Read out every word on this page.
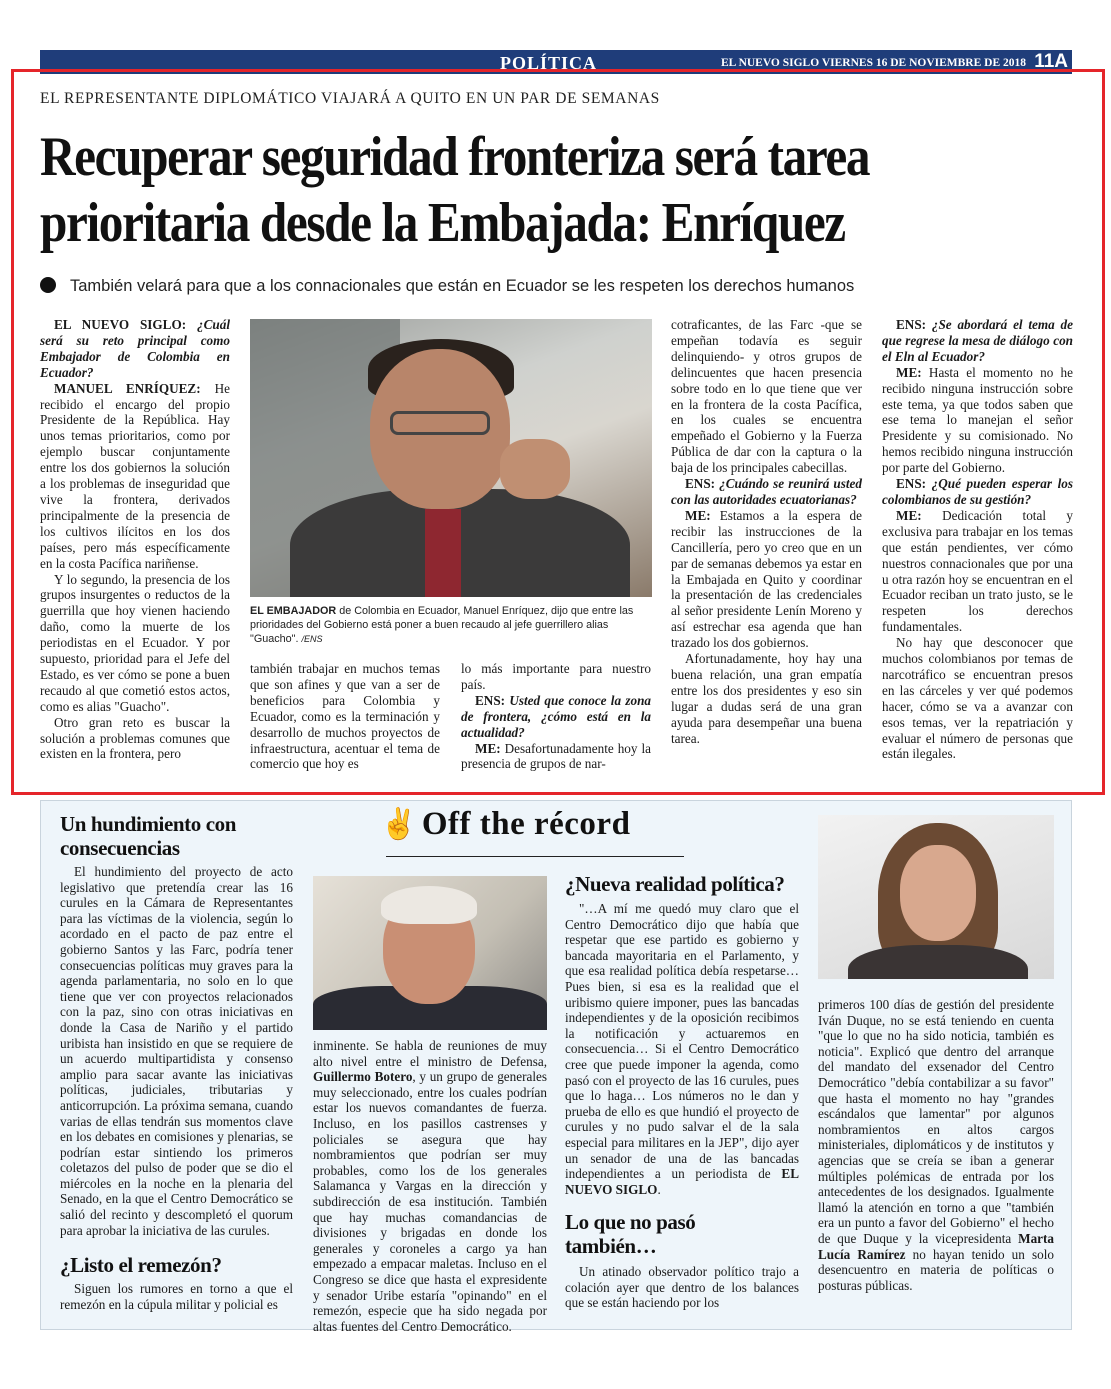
POLÍTICA	EL NUEVO SIGLO VIERNES 16 DE NOVIEMBRE DE 2018 11A
EL REPRESENTANTE DIPLOMÁTICO VIAJARÁ A QUITO EN UN PAR DE SEMANAS
Recuperar seguridad fronteriza será tarea
prioritaria desde la Embajada: Enríquez
También velará para que a los connacionales que están en Ecuador se les respeten los derechos humanos

EL NUEVO SIGLO: ¿Cuál será su reto principal como Embajador de Colombia en Ecuador?

MANUEL ENRÍQUEZ: He recibido el encargo del propio Presidente de la República. Hay unos temas prioritarios, como por ejemplo buscar conjuntamente entre los dos gobiernos la solución a los problemas de inseguridad que vive la frontera, derivados principalmente de la presencia de los cultivos ilícitos en los dos países, pero más específicamente en la costa Pacífica nariñense.

Y lo segundo, la presencia de los grupos insurgentes o reductos de la guerrilla que hoy vienen haciendo daño, como la muerte de los periodistas en el Ecuador. Y por supuesto, prioridad para el Jefe del Estado, es ver cómo se pone a buen recaudo al que cometió estos actos, como es alias "Guacho".

Otro gran reto es buscar la solución a problemas comunes que existen en la frontera, pero

EL EMBAJADOR de Colombia en Ecuador, Manuel Enríquez, dijo que entre las prioridades del Gobierno está poner a buen recaudo al jefe guerrillero alias "Guacho". /ENS

también trabajar en muchos temas que son afines y que van a ser de beneficios para Colombia y Ecuador, como es la terminación y desarrollo de muchos proyectos de infraestructura, acentuar el tema de comercio que hoy es

lo más importante para nuestro país.

ENS: Usted que conoce la zona de frontera, ¿cómo está en la actualidad?

ME: Desafortunadamente hoy la presencia de grupos de nar-

cotraficantes, de las Farc -que se empeñan todavía es seguir delinquiendo- y otros grupos de delincuentes que hacen presencia sobre todo en lo que tiene que ver en la frontera de la costa Pacífica, en los cuales se encuentra empeñado el Gobierno y la Fuerza Pública de dar con la captura o la baja de los principales cabecillas.

ENS: ¿Cuándo se reunirá usted con las autoridades ecuatorianas?

ME: Estamos a la espera de recibir las instrucciones de la Cancillería, pero yo creo que en un par de semanas debemos ya estar en la Embajada en Quito y coordinar la presentación de las credenciales al señor presidente Lenín Moreno y así estrechar esa agenda que han trazado los dos gobiernos.

Afortunadamente, hoy hay una buena relación, una gran empatía entre los dos presidentes y eso sin lugar a dudas será de una gran ayuda para desempeñar una buena tarea.

ENS: ¿Se abordará el tema de que regrese la mesa de diálogo con el Eln al Ecuador?

ME: Hasta el momento no he recibido ninguna instrucción sobre este tema, ya que todos saben que ese tema lo manejan el señor Presidente y su comisionado. No hemos recibido ninguna instrucción por parte del Gobierno.

ENS: ¿Qué pueden esperar los colombianos de su gestión?

ME: Dedicación total y exclusiva para trabajar en los temas que están pendientes, ver cómo nuestros connacionales que por una u otra razón hoy se encuentran en el Ecuador reciban un trato justo, se le respeten los derechos fundamentales.

No hay que desconocer que muchos colombianos por temas de narcotráfico se encuentran presos en las cárceles y ver qué podemos hacer, cómo se va a avanzar con esos temas, ver la repatriación y evaluar el número de personas que están ilegales.

✌ Off the récord
Un hundimiento con consecuencias

El hundimiento del proyecto de acto legislativo que pretendía crear las 16 curules en la Cámara de Representantes para las víctimas de la violencia, según lo acordado en el pacto de paz entre el gobierno Santos y las Farc, podría tener consecuencias políticas muy graves para la agenda parlamentaria, no solo en lo que tiene que ver con proyectos relacionados con la paz, sino con otras iniciativas en donde la Casa de Nariño y el partido uribista han insistido en que se requiere de un acuerdo multipartidista y consenso amplio para sacar avante las iniciativas políticas, judiciales, tributarias y anticorrupción. La próxima semana, cuando varias de ellas tendrán sus momentos clave en los debates en comisiones y plenarias, se podrían estar sintiendo los primeros coletazos del pulso de poder que se dio el miércoles en la noche en la plenaria del Senado, en la que el Centro Democrático se salió del recinto y descompletó el quorum para aprobar la iniciativa de las curules.

¿Listo el remezón?

Siguen los rumores en torno a que el remezón en la cúpula militar y policial es

inminente. Se habla de reuniones de muy alto nivel entre el ministro de Defensa, Guillermo Botero, y un grupo de generales muy seleccionado, entre los cuales podrían estar los nuevos comandantes de fuerza. Incluso, en los pasillos castrenses y policiales se asegura que hay nombramientos que podrían ser muy probables, como los de los generales Salamanca y Vargas en la dirección y subdirección de esa institución. También que hay muchas comandancias de divisiones y brigadas en donde los generales y coroneles a cargo ya han empezado a empacar maletas. Incluso en el Congreso se dice que hasta el expresidente y senador Uribe estaría "opinando" en el remezón, especie que ha sido negada por altas fuentes del Centro Democrático.

¿Nueva realidad política?

"…A mí me quedó muy claro que el Centro Democrático dijo que había que respetar que ese partido es gobierno y bancada mayoritaria en el Parlamento, y que esa realidad política debía respetarse… Pues bien, si esa es la realidad que el uribismo quiere imponer, pues las bancadas independientes y de la oposición recibimos la notificación y actuaremos en consecuencia… Si el Centro Democrático cree que puede imponer la agenda, como pasó con el proyecto de las 16 curules, pues que lo haga… Los números no le dan y prueba de ello es que hundió el proyecto de curules y no pudo salvar el de la sala especial para militares en la JEP", dijo ayer un senador de una de las bancadas independientes a un periodista de EL NUEVO SIGLO.

Lo que no pasó también…

Un atinado observador político trajo a colación ayer que dentro de los balances que se están haciendo por los

primeros 100 días de gestión del presidente Iván Duque, no se está teniendo en cuenta "que lo que no ha sido noticia, también es noticia". Explicó que dentro del arranque del mandato del exsenador del Centro Democrático "debía contabilizar a su favor" que hasta el momento no hay "grandes escándalos que lamentar" por algunos nombramientos en altos cargos ministeriales, diplomáticos y de institutos y agencias que se creía se iban a generar múltiples polémicas de entrada por los antecedentes de los designados. Igualmente llamó la atención en torno a que "también era un punto a favor del Gobierno" el hecho de que Duque y la vicepresidenta Marta Lucía Ramírez no hayan tenido un solo desencuentro en materia de políticas o posturas públicas.
